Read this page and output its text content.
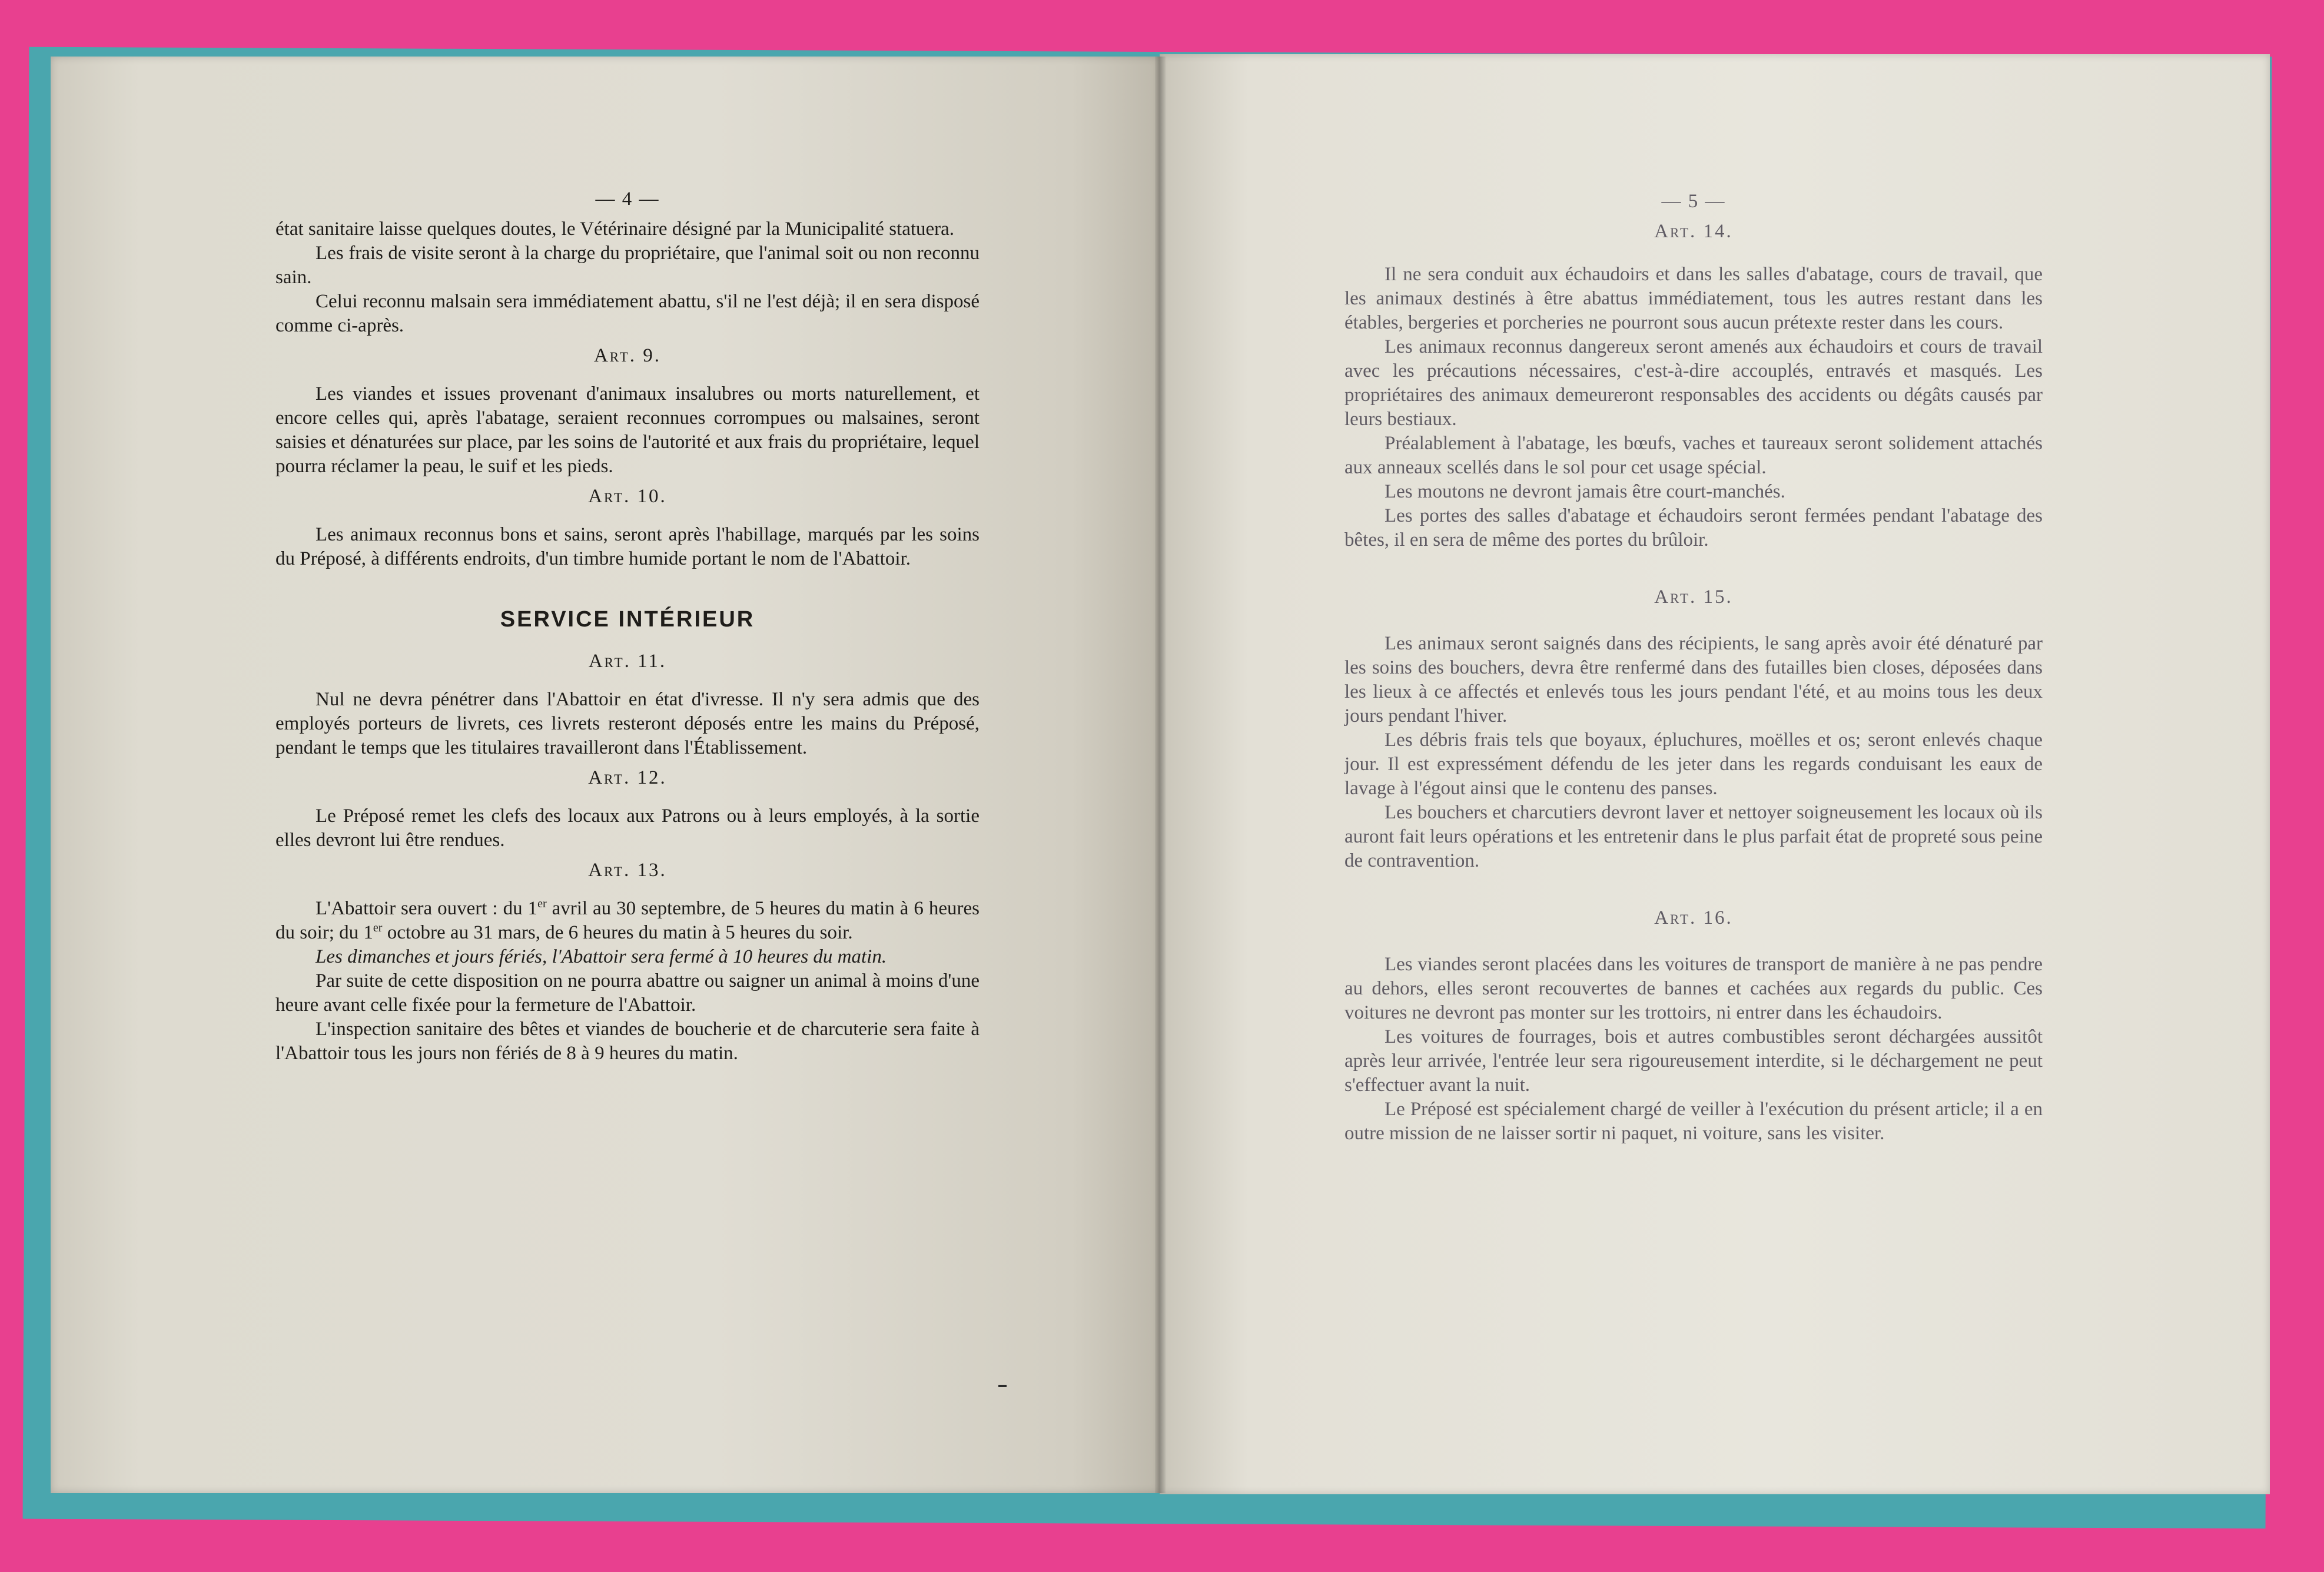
— 4 —

état sanitaire laisse quelques doutes, le Vétérinaire désigné par la Municipalité statuera.

Les frais de visite seront à la charge du propriétaire, que l'animal soit ou non reconnu sain.

Celui reconnu malsain sera immédiatement abattu, s'il ne l'est déjà; il en sera disposé comme ci-après.

Art. 9.

Les viandes et issues provenant d'animaux insalubres ou morts naturellement, et encore celles qui, après l'abatage, seraient reconnues corrompues ou malsaines, seront saisies et dénaturées sur place, par les soins de l'autorité et aux frais du propriétaire, lequel pourra réclamer la peau, le suif et les pieds.

Art. 10.

Les animaux reconnus bons et sains, seront après l'habillage, marqués par les soins du Préposé, à différents endroits, d'un timbre humide portant le nom de l'Abattoir.

SERVICE INTÉRIEUR
Art. 11.

Nul ne devra pénétrer dans l'Abattoir en état d'ivresse. Il n'y sera admis que des employés porteurs de livrets, ces livrets resteront déposés entre les mains du Préposé, pendant le temps que les titulaires travailleront dans l'Établissement.

Art. 12.

Le Préposé remet les clefs des locaux aux Patrons ou à leurs employés, à la sortie elles devront lui être rendues.

Art. 13.

L'Abattoir sera ouvert : du 1er avril au 30 septembre, de 5 heures du matin à 6 heures du soir; du 1er octobre au 31 mars, de 6 heures du matin à 5 heures du soir.

Les dimanches et jours fériés, l'Abattoir sera fermé à 10 heures du matin.

Par suite de cette disposition on ne pourra abattre ou saigner un animal à moins d'une heure avant celle fixée pour la fermeture de l'Abattoir.

L'inspection sanitaire des bêtes et viandes de boucherie et de charcuterie sera faite à l'Abattoir tous les jours non fériés de 8 à 9 heures du matin.

— 5 —
Art. 14.

Il ne sera conduit aux échaudoirs et dans les salles d'abatage, cours de travail, que les animaux destinés à être abattus immédiatement, tous les autres restant dans les étables, bergeries et porcheries ne pourront sous aucun prétexte rester dans les cours.

Les animaux reconnus dangereux seront amenés aux échaudoirs et cours de travail avec les précautions nécessaires, c'est-à-dire accouplés, entravés et masqués. Les propriétaires des animaux demeureront responsables des accidents ou dégâts causés par leurs bestiaux.

Préalablement à l'abatage, les bœufs, vaches et taureaux seront solidement attachés aux anneaux scellés dans le sol pour cet usage spécial.

Les moutons ne devront jamais être court-manchés.

Les portes des salles d'abatage et échaudoirs seront fermées pendant l'abatage des bêtes, il en sera de même des portes du brûloir.

Art. 15.

Les animaux seront saignés dans des récipients, le sang après avoir été dénaturé par les soins des bouchers, devra être renfermé dans des futailles bien closes, déposées dans les lieux à ce affectés et enlevés tous les jours pendant l'été, et au moins tous les deux jours pendant l'hiver.

Les débris frais tels que boyaux, épluchures, moëlles et os; seront enlevés chaque jour. Il est expressément défendu de les jeter dans les regards conduisant les eaux de lavage à l'égout ainsi que le contenu des panses.

Les bouchers et charcutiers devront laver et nettoyer soigneusement les locaux où ils auront fait leurs opérations et les entretenir dans le plus parfait état de propreté sous peine de contravention.

Art. 16.

Les viandes seront placées dans les voitures de transport de manière à ne pas pendre au dehors, elles seront recouvertes de bannes et cachées aux regards du public. Ces voitures ne devront pas monter sur les trottoirs, ni entrer dans les échaudoirs.

Les voitures de fourrages, bois et autres combustibles seront déchargées aussitôt après leur arrivée, l'entrée leur sera rigoureusement interdite, si le déchargement ne peut s'effectuer avant la nuit.

Le Préposé est spécialement chargé de veiller à l'exécution du présent article; il a en outre mission de ne laisser sortir ni paquet, ni voiture, sans les visiter.
